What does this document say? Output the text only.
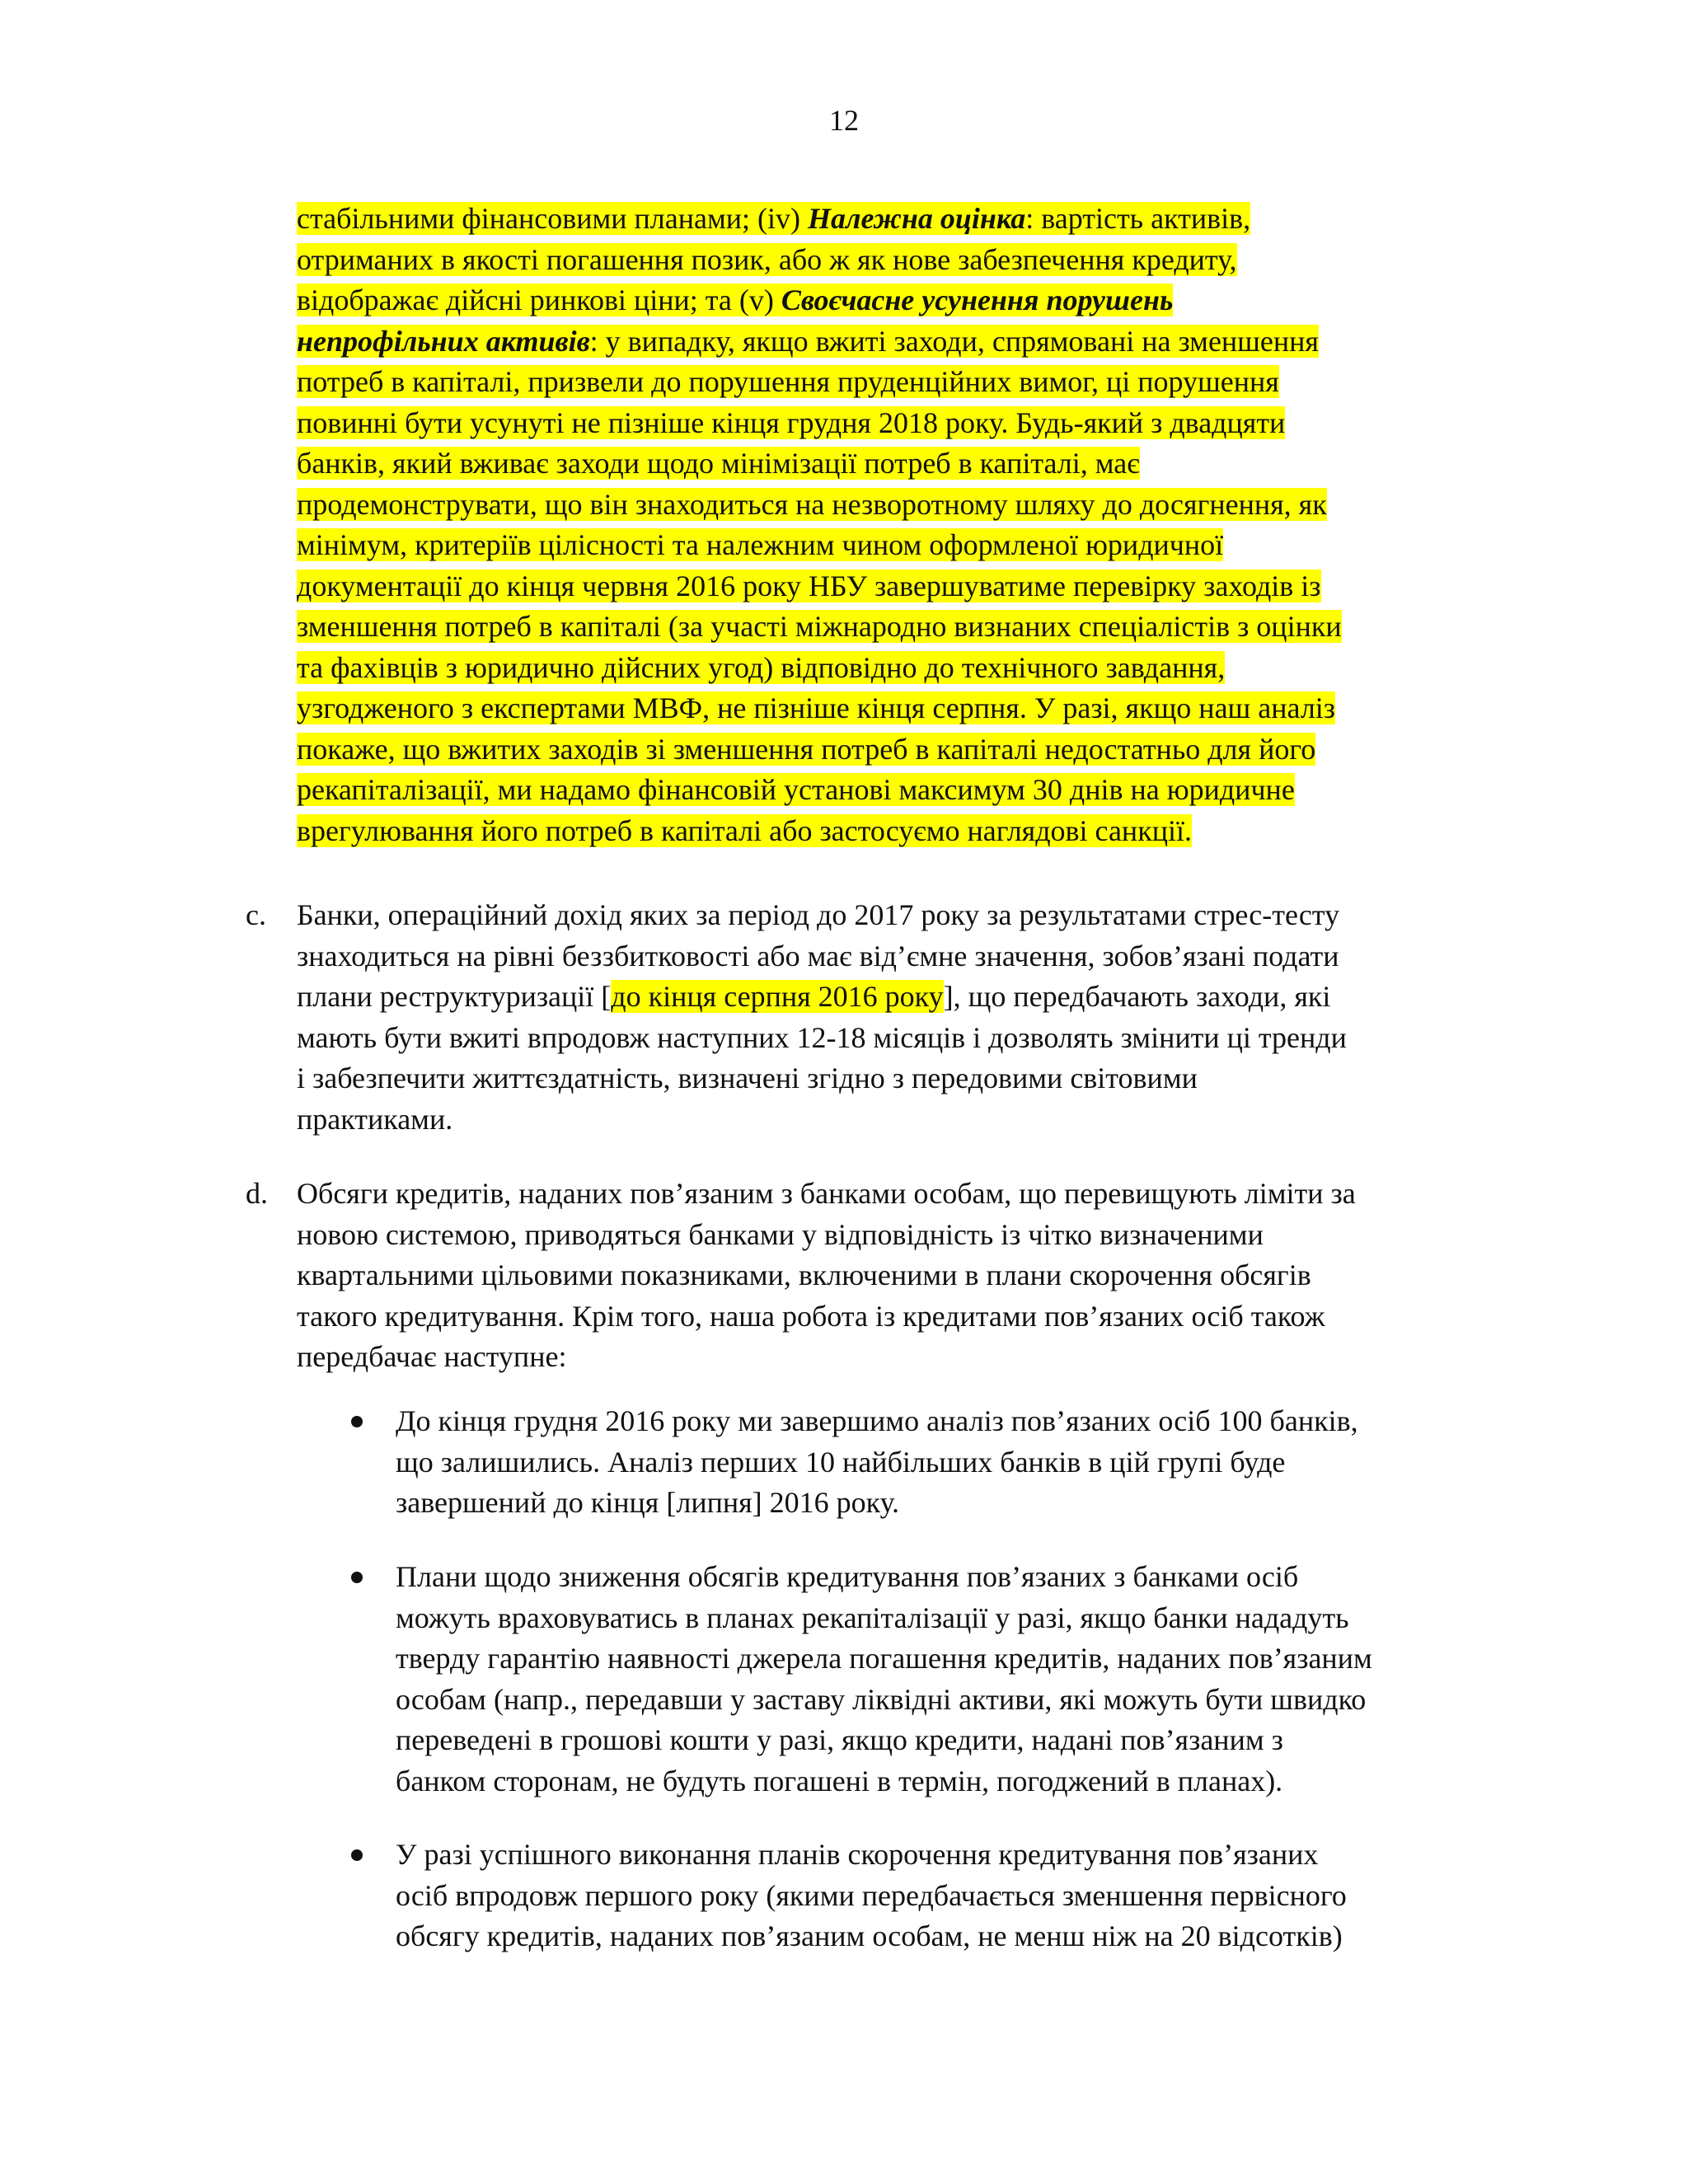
12
стабільними фінансовими планами; (iv) Належна оцінка: вартість активів,
отриманих в якості погашення позик, або ж як нове забезпечення кредиту,
відображає дійсні ринкові ціни; та (v) Своєчасне усунення порушень
непрофільних активів: у випадку, якщо вжиті заходи, спрямовані на зменшення
потреб в капіталі, призвели до порушення пруденційних вимог, ці порушення
повинні бути усунуті не пізніше кінця грудня 2018 року. Будь-який з двадцяти
банків, який вживає заходи щодо мінімізації потреб в капіталі, має
продемонструвати, що він знаходиться на незворотному шляху до досягнення, як
мінімум, критеріїв цілісності та належним чином оформленої юридичної
документації до кінця червня 2016 року НБУ завершуватиме перевірку заходів із
зменшення потреб в капіталі (за участі міжнародно визнаних спеціалістів з оцінки
та фахівців з юридично дійсних угод) відповідно до технічного завдання,
узгодженого з експертами МВФ, не пізніше кінця серпня. У разі, якщо наш аналіз
покаже, що вжитих заходів зі зменшення потреб в капіталі недостатньо для його
рекапіталізації, ми надамо фінансовій установі максимум 30 днів на юридичне
врегулювання його потреб в капіталі або застосуємо наглядові санкції.
c. Банки, операційний дохід яких за період до 2017 року за результатами стрес-тесту
знаходиться на рівні беззбитковості або має від’ємне значення, зобов’язані подати
плани реструктуризації [до кінця серпня 2016 року], що передбачають заходи, які
мають бути вжиті впродовж наступних 12-18 місяців і дозволять змінити ці тренди
і забезпечити життєздатність, визначені згідно з передовими світовими
практиками.
d. Обсяги кредитів, наданих пов’язаним з банками особам, що перевищують ліміти за
новою системою, приводяться банками у відповідність із чітко визначеними
квартальними цільовими показниками, включеними в плани скорочення обсягів
такого кредитування. Крім того, наша робота із кредитами пов’язаних осіб також
передбачає наступне:
До кінця грудня 2016 року ми завершимо аналіз пов’язаних осіб 100 банків,
що залишились. Аналіз перших 10 найбільших банків в цій групі буде
завершений до кінця [липня] 2016 року.
Плани щодо зниження обсягів кредитування пов’язаних з банками осіб
можуть враховуватись в планах рекапіталізації у разі, якщо банки нададуть
тверду гарантію наявності джерела погашення кредитів, наданих пов’язаним
особам (напр., передавши у заставу ліквідні активи, які можуть бути швидко
переведені в грошові кошти у разі, якщо кредити, надані пов’язаним з
банком сторонам, не будуть погашені в термін, погоджений в планах).
У разі успішного виконання планів скорочення кредитування пов’язаних
осіб впродовж першого року (якими передбачається зменшення первісного
обсягу кредитів, наданих пов’язаним особам, не менш ніж на 20 відсотків)
